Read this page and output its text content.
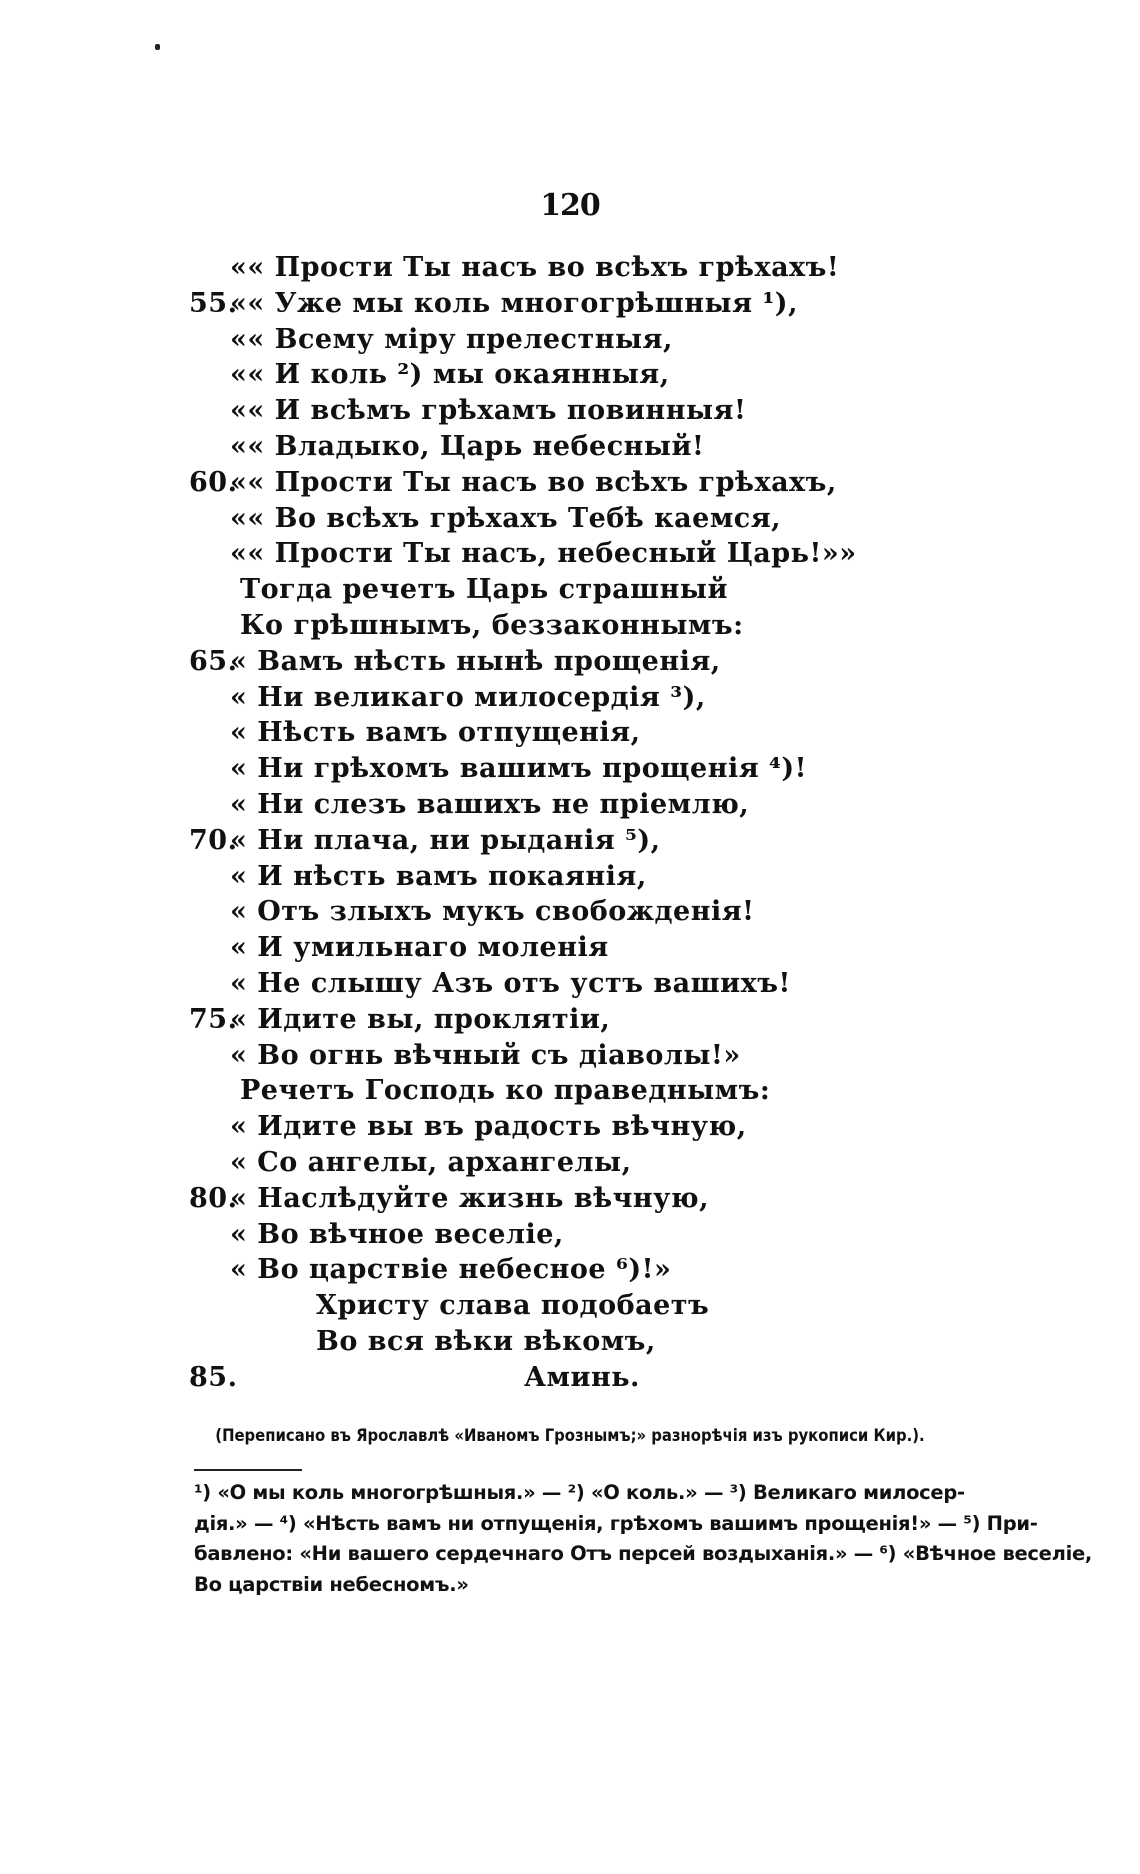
120
«« Прости Ты насъ во всѣхъ грѣхахъ!
55.
«« Уже мы коль многогрѣшныя ¹),
«« Всему міру прелестныя,
«« И коль ²) мы окаянныя,
«« И всѣмъ грѣхамъ повинныя!
«« Владыко, Царь небесный!
60.
«« Прости Ты насъ во всѣхъ грѣхахъ,
«« Во всѣхъ грѣхахъ Тебѣ каемся,
«« Прости Ты насъ, небесный Царь!»»
Тогда речетъ Царь страшный
Ко грѣшнымъ, беззаконнымъ:
65.
« Вамъ нѣсть нынѣ прощенія,
« Ни великаго милосердія ³),
« Нѣсть вамъ отпущенія,
« Ни грѣхомъ вашимъ прощенія ⁴)!
« Ни слезъ вашихъ не пріемлю,
70.
« Ни плача, ни рыданія ⁵),
« И нѣсть вамъ покаянія,
« Отъ злыхъ мукъ свобожденія!
« И умильнаго моленія
« Не слышу Азъ отъ устъ вашихъ!
75.
« Идите вы, проклятіи,
« Во огнь вѣчный съ діаволы!»
Речетъ Господь ко праведнымъ:
« Идите вы въ радость вѣчную,
« Со ангелы, архангелы,
80.
« Наслѣдуйте жизнь вѣчную,
« Во вѣчное веселіе,
« Во царствіе небесное ⁶)!»
Христу слава подобаетъ
Во вся вѣки вѣкомъ,
85.	Аминь.
(Переписано въ Ярославлѣ «Иваномъ Грознымъ;» разнорѣчія изъ рукописи Кир.).
¹) «О мы коль многогрѣшныя.» — ²) «О коль.» — ³) Великаго милосер-
дія.» — ⁴) «Нѣсть вамъ ни отпущенія, грѣхомъ вашимъ прощенія!» — ⁵) При-
бавлено: «Ни вашего сердечнаго Отъ персей воздыханія.» — ⁶) «Вѣчное веселіе,
Во царствіи небесномъ.»
